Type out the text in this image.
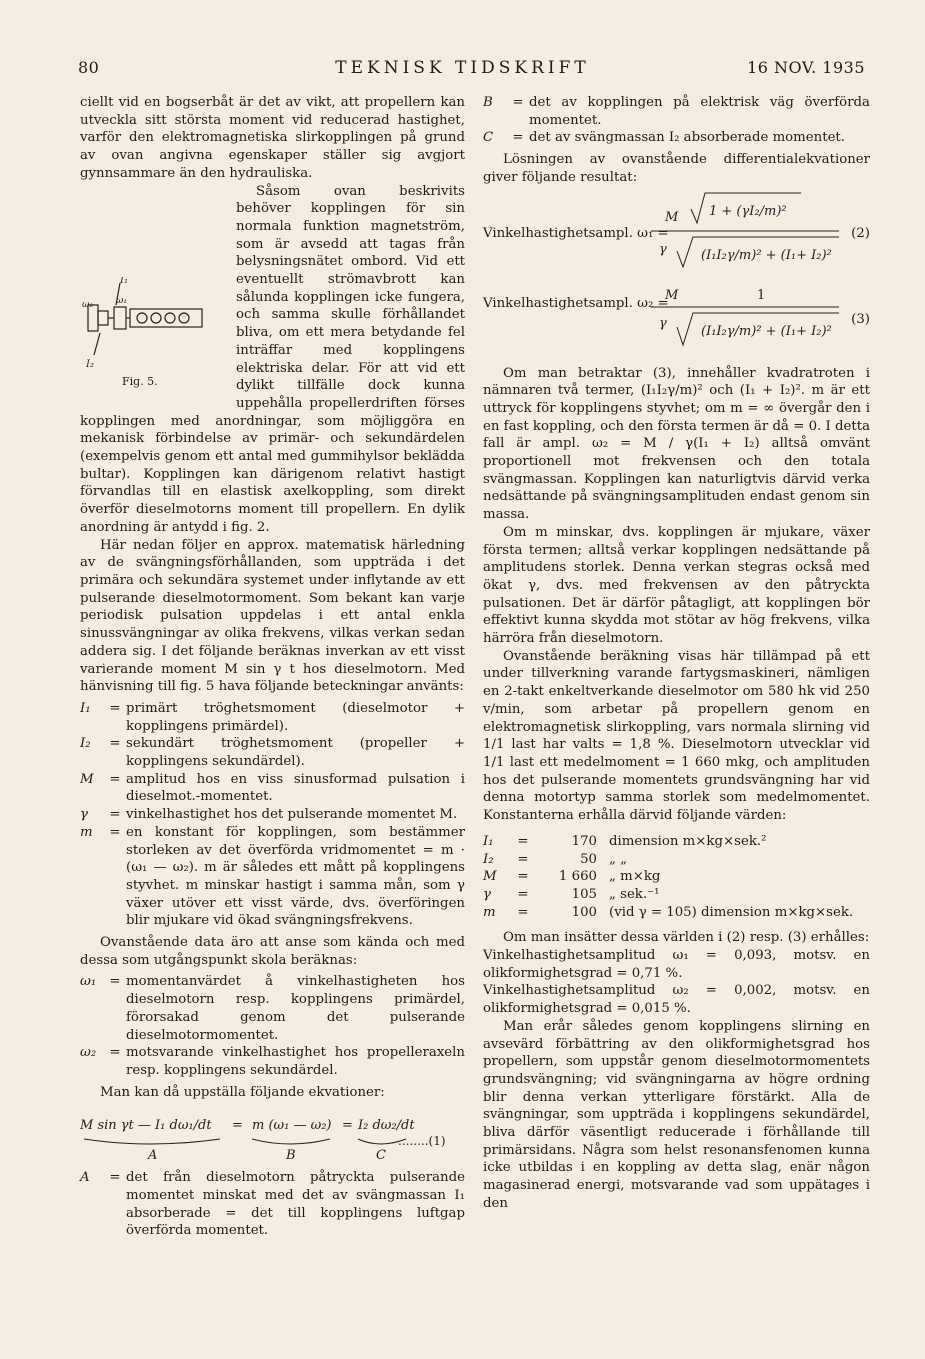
80	TEKNISK TIDSKRIFT	16 NOV. 1935

ciellt vid en bogserbåt är det av vikt, att propellern kan utveckla sitt största moment vid reducerad hastighet, varför den elektromagnetiska slirkopplingen på grund av ovan angivna egenskaper ställer sig avgjort gynnsammare än den hydrauliska.

I₁
ω₂	ω₁
I₂
Fig. 5.

Såsom ovan beskrivits behöver kopplingen för sin normala funktion magnetström, som är avsedd att tagas från belysningsnätet ombord. Vid ett eventuellt strömavbrott kan sålunda kopplingen icke fungera, och samma skulle förhållandet bliva, om ett mera betydande fel inträffar med kopplingens elektriska delar. För att vid ett dylikt tillfälle dock kunna uppehålla propellerdriften förses kopplingen med anordningar, som möjliggöra en mekanisk förbindelse av primär- och sekundärdelen (exempelvis genom ett antal med gummihylsor beklädda bultar). Kopplingen kan därigenom relativt hastigt förvandlas till en elastisk axelkoppling, som direkt överför dieselmotorns moment till propellern. En dylik anordning är antydd i fig. 2.

Här nedan följer en approx. matematisk härledning av de svängningsförhållanden, som uppträda i det primära och sekundära systemet under inflytande av ett pulserande dieselmotormoment. Som bekant kan varje periodisk pulsation uppdelas i ett antal enkla sinussvängningar av olika frekvens, vilkas verkan sedan addera sig. I det följande beräknas inverkan av ett visst varierande moment M sin γ t hos dieselmotorn. Med hänvisning till fig. 5 hava följande beteckningar använts:

I₁	= primärt tröghetsmoment (dieselmotor + kopplingens primärdel).
I₂	= sekundärt tröghetsmoment (propeller + kopplingens sekundärdel).
M	= amplitud hos en viss sinusformad pulsation i dieselmot.-momentet.
γ	= vinkelhastighet hos det pulserande momentet M.
m	= en konstant för kopplingen, som bestämmer storleken av det överförda vridmomentet = m · (ω₁ — ω₂). m är således ett mått på kopplingens styvhet. m minskar hastigt i samma mån, som γ växer utöver ett visst värde, dvs. överföringen blir mjukare vid ökad svängningsfrekvens.

Ovanstående data äro att anse som kända och med dessa som utgångspunkt skola beräknas:

ω₁ = momentanvärdet å vinkelhastigheten hos dieselmotorn resp. kopplingens primärdel, förorsakad genom det pulserande dieselmotormomentet.
ω₂ = motsvarande vinkelhastighet hos propelleraxeln resp. kopplingens sekundärdel.

Man kan då uppställa följande ekvationer:

M sin γt — I₁ dω₁/dt = m (ω₁ — ω₂) = I₂ dω₂/dt
A	B	C
........(1)
A	= det från dieselmotorn påtryckta pulserande momentet minskat med det av svängmassan I₁ absorberade = det till kopplingens luftgap överförda momentet.
B	= det av kopplingen på elektrisk väg överförda momentet.
C	= det av svängmassan I₂ absorberade momentet.

Lösningen av ovanstående differentialekvationer giver följande resultat:

Vinkelhastighetsampl. ω₁ =
M 1 + (γI₂/m)²
γ	(I₁I₂γ/m)² + (I₁+ I₂)²
(2)
Vinkelhastighetsampl. ω₂ =
M	1
γ
(I₁I₂γ/m)² + (I₁+ I₂)²
(3)

Om man betraktar (3), innehåller kvadratroten i nämnaren två termer, (I₁I₂γ/m)² och (I₁ + I₂)². m är ett uttryck för kopplingens styvhet; om m = ∞ övergår den i en fast koppling, och den första termen är då = 0. I detta fall är ampl. ω₂ = M / γ(I₁ + I₂) alltså omvänt proportionell mot frekvensen och den totala svängmassan. Kopplingen kan naturligtvis därvid verka nedsättande på svängningsamplituden endast genom sin massa.

Om m minskar, dvs. kopplingen är mjukare, växer första termen; alltså verkar kopplingen nedsättande på amplitudens storlek. Denna verkan stegras också med ökat γ, dvs. med frekvensen av den påtryckta pulsationen. Det är därför påtagligt, att kopplingen bör effektivt kunna skydda mot stötar av hög frekvens, vilka härröra från dieselmotorn.

Ovanstående beräkning visas här tillämpad på ett under tillverkning varande fartygsmaskineri, nämligen en 2-takt enkeltverkande dieselmotor om 580 hk vid 250 v/min, som arbetar på propellern genom en elektromagnetisk slirkoppling, vars normala slirning vid 1/1 last har valts = 1,8 %. Dieselmotorn utvecklar vid 1/1 last ett medelmoment = 1 660 mkg, och amplituden hos det pulserande momentets grundsvängning har vid denna motortyp samma storlek som medelmomentet. Konstanterna erhålla därvid följande värden:

I₁	=	170 dimension m×kg×sek.²
I₂	=	50 „ „
M	=	1 660 „ m×kg
γ	=	105 „ sek.⁻¹
m	=	100 (vid γ = 105) dimension m×kg×sek.

Om man insätter dessa världen i (2) resp. (3) erhålles:

Vinkelhastighetsamplitud ω₁ = 0,093, motsv. en olikformighetsgrad = 0,71 %.

Vinkelhastighetsamplitud ω₂ = 0,002, motsv. en olikformighetsgrad = 0,015 %.

Man erår således genom kopplingens slirning en avsevärd förbättring av den olikformighetsgrad hos propellern, som uppstår genom dieselmotormomentets grundsvängning; vid svängningarna av högre ordning blir denna verkan ytterligare förstärkt. Alla de svängningar, som uppträda i kopplingens sekundärdel, bliva därför väsentligt reducerade i förhållande till primärsidans. Några som helst resonansfenomen kunna icke utbildas i en koppling av detta slag, enär någon magasinerad energi, motsvarande vad som uppätages i den
